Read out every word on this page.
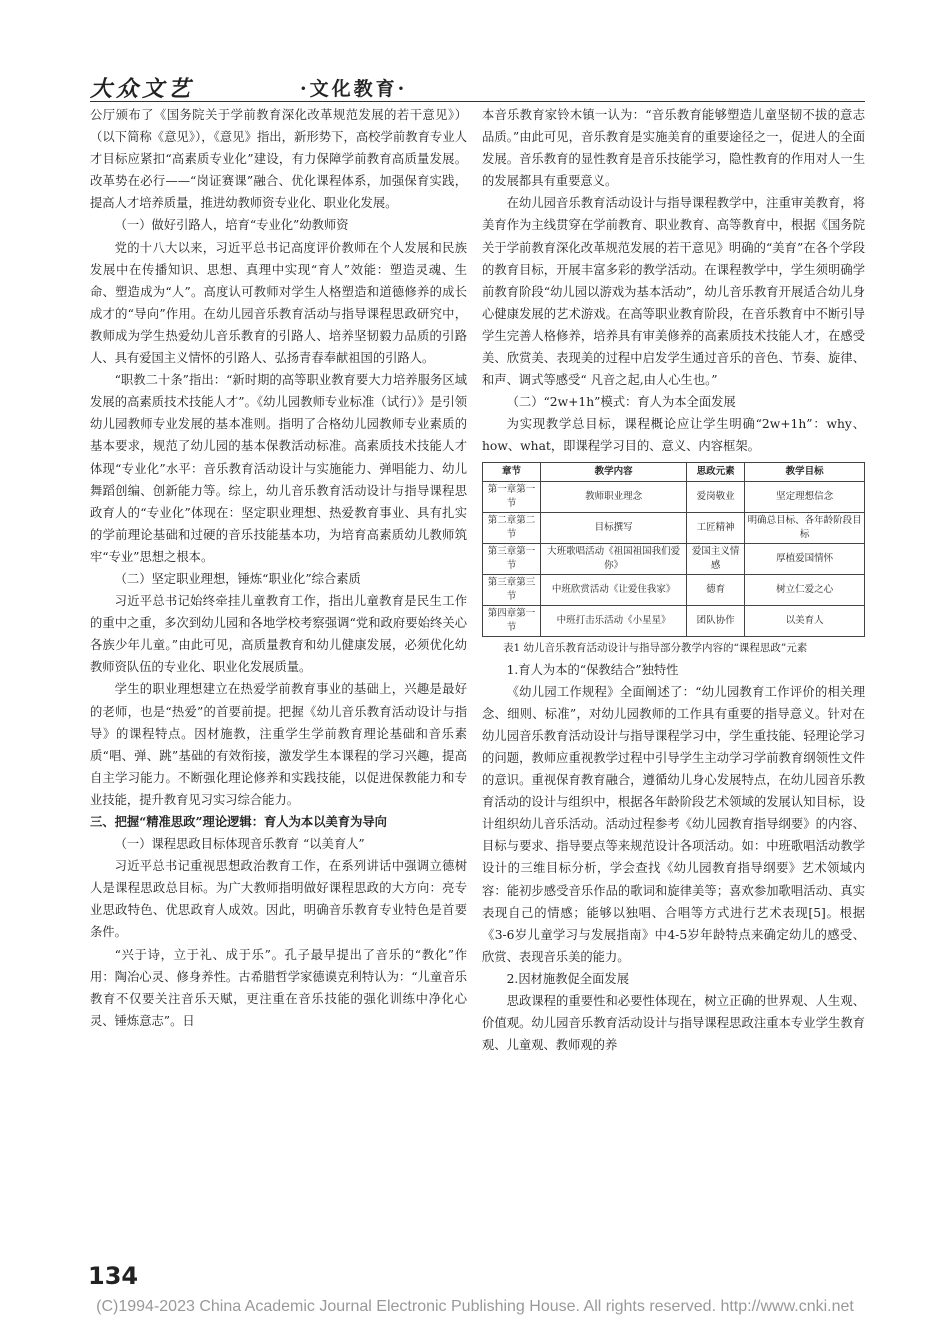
大众文艺	·文化教育·

公厅颁布了《国务院关于学前教育深化改革规范发展的若干意见》）（以下简称《意见》），《意见》指出，新形势下，高校学前教育专业人才目标应紧扣“高素质专业化”建设，有力保障学前教育高质量发展。改革势在必行——“岗证赛课”融合、优化课程体系，加强保育实践，提高人才培养质量，推进幼教师资专业化、职业化发展。

（一）做好引路人，培育“专业化”幼教师资

党的十八大以来，习近平总书记高度评价教师在个人发展和民族发展中在传播知识、思想、真理中实现“育人”效能：塑造灵魂、生命、塑造成为“人”。高度认可教师对学生人格塑造和道德修养的成长成才的“导向”作用。在幼儿园音乐教育活动与指导课程思政研究中，教师成为学生热爱幼儿音乐教育的引路人、培养坚韧毅力品质的引路人、具有爱国主义情怀的引路人、弘扬青春奉献祖国的引路人。

“职教二十条”指出：“新时期的高等职业教育要大力培养服务区域发展的高素质技术技能人才”。《幼儿园教师专业标准（试行）》是引领幼儿园教师专业发展的基本准则。指明了合格幼儿园教师专业素质的基本要求，规范了幼儿园的基本保教活动标准。高素质技术技能人才体现“专业化”水平：音乐教育活动设计与实施能力、弹唱能力、幼儿舞蹈创编、创新能力等。综上，幼儿音乐教育活动设计与指导课程思政育人的“专业化”体现在：坚定职业理想、热爱教育事业、具有扎实的学前理论基础和过硬的音乐技能基本功，为培育高素质幼儿教师筑牢“专业”思想之根本。

（二）坚定职业理想，锤炼“职业化”综合素质

习近平总书记始终牵挂儿童教育工作，指出儿童教育是民生工作的重中之重，多次到幼儿园和各地学校考察强调“党和政府要始终关心各族少年儿童。”由此可见，高质量教育和幼儿健康发展，必须优化幼教师资队伍的专业化、职业化发展质量。

学生的职业理想建立在热爱学前教育事业的基础上，兴趣是最好的老师，也是“热爱”的首要前提。把握《幼儿音乐教育活动设计与指导》的课程特点。因材施教，注重学生学前教育理论基础和音乐素质“唱、弹、跳”基础的有效衔接，激发学生本课程的学习兴趣，提高自主学习能力。不断强化理论修养和实践技能，以促进保教能力和专业技能，提升教育见习实习综合能力。

三、把握“精准思政”理论逻辑：育人为本以美育为导向

（一）课程思政目标体现音乐教育 “以美育人”

习近平总书记重视思想政治教育工作，在系列讲话中强调立德树人是课程思政总目标。为广大教师指明做好课程思政的大方向：亮专业思政特色、优思政育人成效。因此，明确音乐教育专业特色是首要条件。

“兴于诗，立于礼、成于乐”。孔子最早提出了音乐的“教化”作用：陶冶心灵、修身养性。古希腊哲学家德谟克利特认为：“儿童音乐教育不仅要关注音乐天赋，更注重在音乐技能的强化训练中净化心灵、锤炼意志”。日

本音乐教育家铃木镇一认为：“音乐教育能够塑造儿童坚韧不拔的意志品质。”由此可见，音乐教育是实施美育的重要途径之一，促进人的全面发展。音乐教育的显性教育是音乐技能学习，隐性教育的作用对人一生的发展都具有重要意义。

在幼儿园音乐教育活动设计与指导课程教学中，注重审美教育，将美育作为主线贯穿在学前教育、职业教育、高等教育中，根据《国务院关于学前教育深化改革规范发展的若干意见》明确的“美育”在各个学段的教育目标，开展丰富多彩的教学活动。在课程教学中，学生须明确学前教育阶段“幼儿园以游戏为基本活动”，幼儿音乐教育开展适合幼儿身心健康发展的艺术游戏。在高等职业教育阶段，在音乐教育中不断引导学生完善人格修养，培养具有审美修养的高素质技术技能人才，在感受美、欣赏美、表现美的过程中启发学生通过音乐的音色、节奏、旋律、和声、调式等感受“ 凡音之起,由人心生也。”

（二）“2w+1h”模式：育人为本全面发展

为实现教学总目标，课程概论应让学生明确“2w+1h”：why、how、what，即课程学习目的、意义、内容框架。

章节	教学内容	思政元素	教学目标
第一章第一节	教师职业理念	爱岗敬业	坚定理想信念
第二章第二节	目标撰写	工匠精神	明确总目标、各年龄阶段目标
第三章第一节	大班歌唱活动《祖国祖国我们爱你》	爱国主义情感	厚植爱国情怀
第三章第三节	中班欣赏活动《让爱住我家》	德育	树立仁爱之心
第四章第一节	中班打击乐活动《小星星》	团队协作	以美育人

表1 幼儿音乐教育活动设计与指导部分教学内容的“课程思政”元素

1.育人为本的“保教结合”独特性

《幼儿园工作规程》全面阐述了：“幼儿园教育工作评价的相关理念、细则、标准”，对幼儿园教师的工作具有重要的指导意义。针对在幼儿园音乐教育活动设计与指导课程学习中，学生重技能、轻理论学习的问题，教师应重视教学过程中引导学生主动学习学前教育纲领性文件的意识。重视保育教育融合，遵循幼儿身心发展特点，在幼儿园音乐教育活动的设计与组织中，根据各年龄阶段艺术领域的发展认知目标，设计组织幼儿音乐活动。活动过程参考《幼儿园教育指导纲要》的内容、目标与要求、指导要点等来规范设计各项活动。如：中班歌唱活动教学设计的三维目标分析，学会查找《幼儿园教育指导纲要》艺术领域内容：能初步感受音乐作品的歌词和旋律美等；喜欢参加歌唱活动、真实表现自己的情感；能够以独唱、合唱等方式进行艺术表现[5]。根据《3-6岁儿童学习与发展指南》中4-5岁年龄特点来确定幼儿的感受、欣赏、表现音乐美的能力。

2.因材施教促全面发展

思政课程的重要性和必要性体现在，树立正确的世界观、人生观、价值观。幼儿园音乐教育活动设计与指导课程思政注重本专业学生教育观、儿童观、教师观的养

134
(C)1994-2023 China Academic Journal Electronic Publishing House. All rights reserved. http://www.cnki.net
